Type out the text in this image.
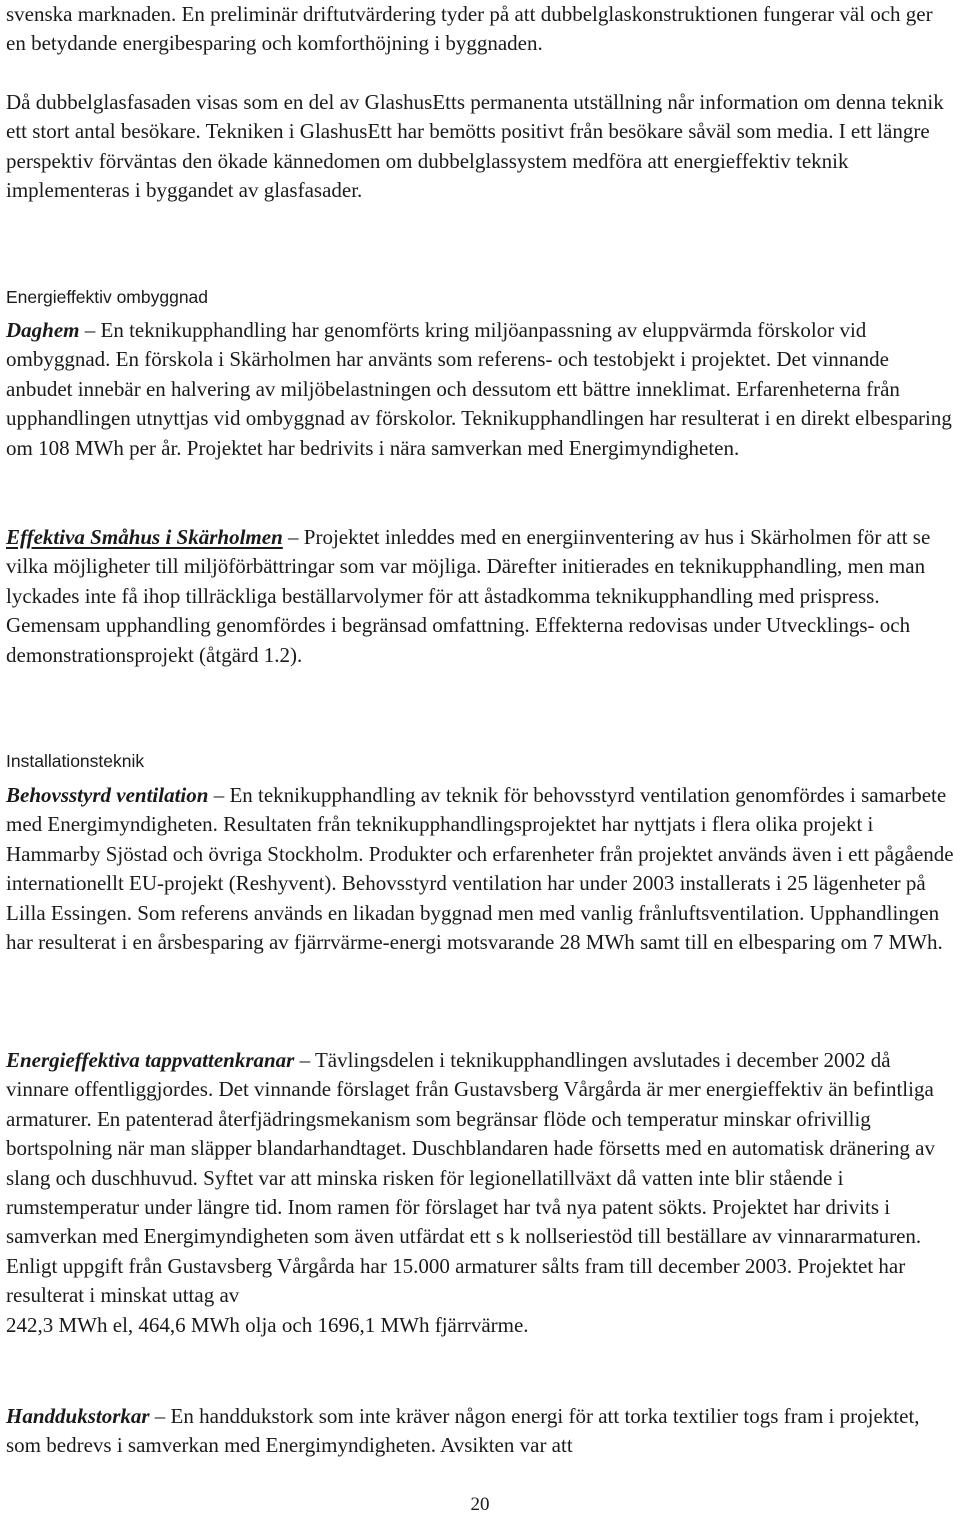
svenska marknaden. En preliminär driftutvärdering tyder på att dubbelglaskonstruktionen fungerar väl och ger en betydande energibesparing och komforthöjning i byggnaden.

Då dubbelglasfasaden visas som en del av GlashusEtts permanenta utställning når information om denna teknik ett stort antal besökare. Tekniken i GlashusEtt har bemötts positivt från besökare såväl som media. I ett längre perspektiv förväntas den ökade kännedomen om dubbelglassystem medföra att energieffektiv teknik implementeras i byggandet av glasfasader.

Energieffektiv ombyggnad

Daghem – En teknikupphandling har genomförts kring miljöanpassning av eluppvärmda förskolor vid ombyggnad. En förskola i Skärholmen har använts som referens- och testobjekt i projektet. Det vinnande anbudet innebär en halvering av miljöbelastningen och dessutom ett bättre inneklimat. Erfarenheterna från upphandlingen utnyttjas vid ombyggnad av förskolor. Teknikupphandlingen har resulterat i en direkt elbesparing om 108 MWh per år. Projektet har bedrivits i nära samverkan med Energimyndigheten.

Effektiva Småhus i Skärholmen – Projektet inleddes med en energiinventering av hus i Skärholmen för att se vilka möjligheter till miljöförbättringar som var möjliga. Därefter initierades en teknikupphandling, men man lyckades inte få ihop tillräckliga beställarvolymer för att åstadkomma teknikupphandling med prispress. Gemensam upphandling genomfördes i begränsad omfattning. Effekterna redovisas under Utvecklings- och demonstrationsprojekt (åtgärd 1.2).

Installationsteknik

Behovsstyrd ventilation – En teknikupphandling av teknik för behovsstyrd ventilation genomfördes i samarbete med Energimyndigheten. Resultaten från teknikupphandlingsprojektet har nyttjats i flera olika projekt i Hammarby Sjöstad och övriga Stockholm. Produkter och erfarenheter från projektet används även i ett pågående internationellt EU-projekt (Reshyvent). Behovsstyrd ventilation har under 2003 installerats i 25 lägenheter på Lilla Essingen. Som referens används en likadan byggnad men med vanlig frånluftsventilation. Upphandlingen har resulterat i en årsbesparing av fjärrvärme-energi motsvarande 28 MWh samt till en elbesparing om 7 MWh.

Energieffektiva tappvattenkranar – Tävlingsdelen i teknikupphandlingen avslutades i december 2002 då vinnare offentliggjordes. Det vinnande förslaget från Gustavsberg Vårgårda är mer energieffektiv än befintliga armaturer. En patenterad återfjädringsmekanism som begränsar flöde och temperatur minskar ofrivillig bortspolning när man släpper blandarhandtaget. Duschblandaren hade försetts med en automatisk dränering av slang och duschhuvud. Syftet var att minska risken för legionellatillväxt då vatten inte blir stående i rumstemperatur under längre tid. Inom ramen för förslaget har två nya patent sökts. Projektet har drivits i samverkan med Energimyndigheten som även utfärdat ett s k nollseriestöd till beställare av vinnararmaturen. Enligt uppgift från Gustavsberg Vårgårda har 15.000 armaturer sålts fram till december 2003. Projektet har resulterat i minskat uttag av
242,3 MWh el, 464,6 MWh olja och 1696,1 MWh fjärrvärme.

Handdukstorkar – En handdukstork som inte kräver någon energi för att torka textilier togs fram i projektet, som bedrevs i samverkan med Energimyndigheten. Avsikten var att

20
